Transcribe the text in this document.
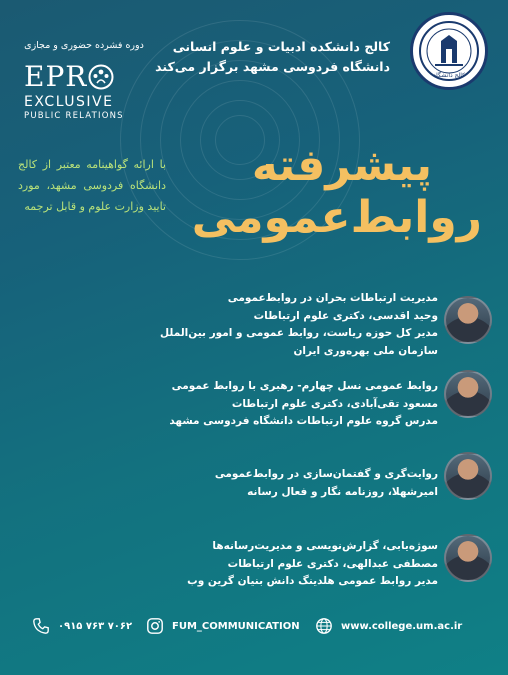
کالج دانشگاه
کالج دانشکده ادبیات و علوم انسانی
دانشگاه فردوسی مشهد برگزار می‌کند
دوره فشرده حضوری و مجازی
EPR
EXCLUSIVE
PUBLIC RELATIONS
با ارائه گواهینامه معتبر از کالج دانشگاه فردوسی مشهد، مورد تایید وزارت علوم و قابل ترجمه
پیشرفته
روابط‌عمومی
مدیریت ارتباطات بحران در روابط‌عمومی
وحید اقدسی، دکتری علوم ارتباطات
مدیر کل حوزه ریاست، روابط عمومی و امور بین‌الملل
سازمان ملی بهره‌وری ایران
روابط عمومی نسل چهارم- رهبری با روابط عمومی
مسعود تقی‌آبادی، دکتری علوم ارتباطات
مدرس گروه علوم ارتباطات دانشگاه فردوسی مشهد
روایت‌گری و گفتمان‌سازی در روابط‌عمومی
امیرشهلا، روزنامه نگار و فعال رسانه
سوژه‌یابی، گزارش‌نویسی و مدیریت‌رسانه‌ها
مصطفی عبدالهی، دکتری علوم ارتباطات
مدیر روابط عمومی هلدینگ دانش بنیان گرین وب
۰۹۱۵ ۷۶۳ ۷۰۶۲	FUM_COMMUNICATION	www.college.um.ac.ir
